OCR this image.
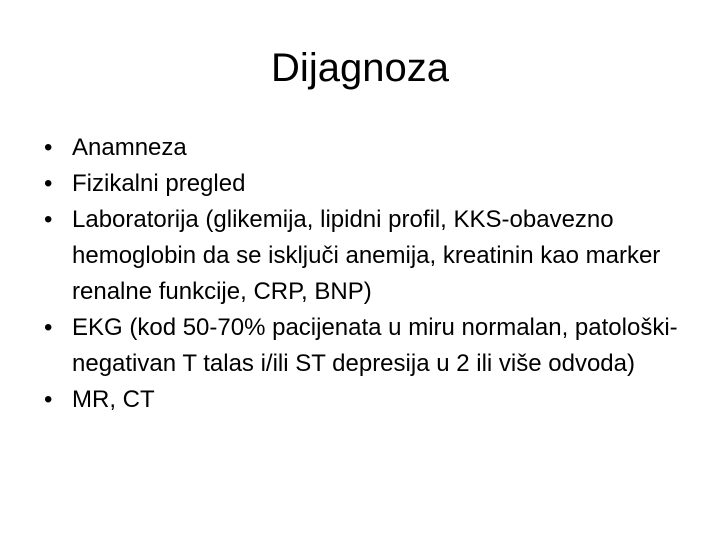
Dijagnoza
• Anamneza
• Fizikalni pregled
• Laboratorija (glikemija, lipidni profil, KKS-obavezno hemoglobin da se isključi anemija, kreatinin kao marker renalne funkcije, CRP, BNP)
• EKG (kod 50-70% pacijenata u miru normalan, patološki-negativan T talas i/ili ST depresija u 2 ili više odvoda)
• MR, CT
